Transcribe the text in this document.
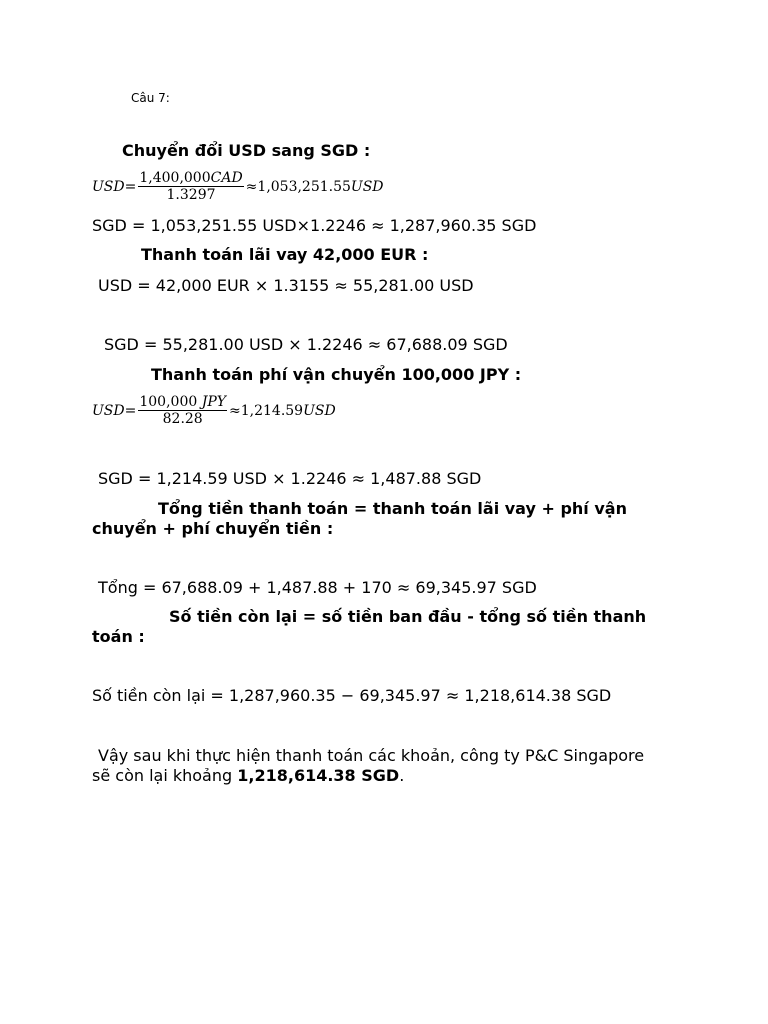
Câu 7:
Chuyển đổi USD sang SGD :
USD = $\frac{\text{1,400,000CAD}}{1.3297} \approx 1,053,251.55$ USD
SGD = 1,053,251.55 USD×1.2246 ≈ 1,287,960.35 SGD
Thanh toán lãi vay 42,000 EUR :
USD = 42,000 EUR × 1.3155 ≈ 55,281.00 USD
SGD = 55,281.00 USD × 1.2246 ≈ 67,688.09 SGD
Thanh toán phí vận chuyển 100,000 JPY :
USD = $\frac{\text{100,000 JPY}}{82.28} \approx 1,214.59$ USD
SGD = 1,214.59 USD × 1.2246 ≈ 1,487.88 SGD
Tổng tiền thanh toán = thanh toán lãi vay + phí vận
chuyển + phí chuyển tiền :
Tổng = 67,688.09 + 1,487.88 + 170 ≈ 69,345.97 SGD
Số tiền còn lại = số tiền ban đầu - tổng số tiền thanh
toán :
Số tiền còn lại = 1,287,960.35 − 69,345.97 ≈ 1,218,614.38 SGD
Vậy sau khi thực hiện thanh toán các khoản, công ty P&C Singapore
sẽ còn lại khoảng 1,218,614.38 SGD.
